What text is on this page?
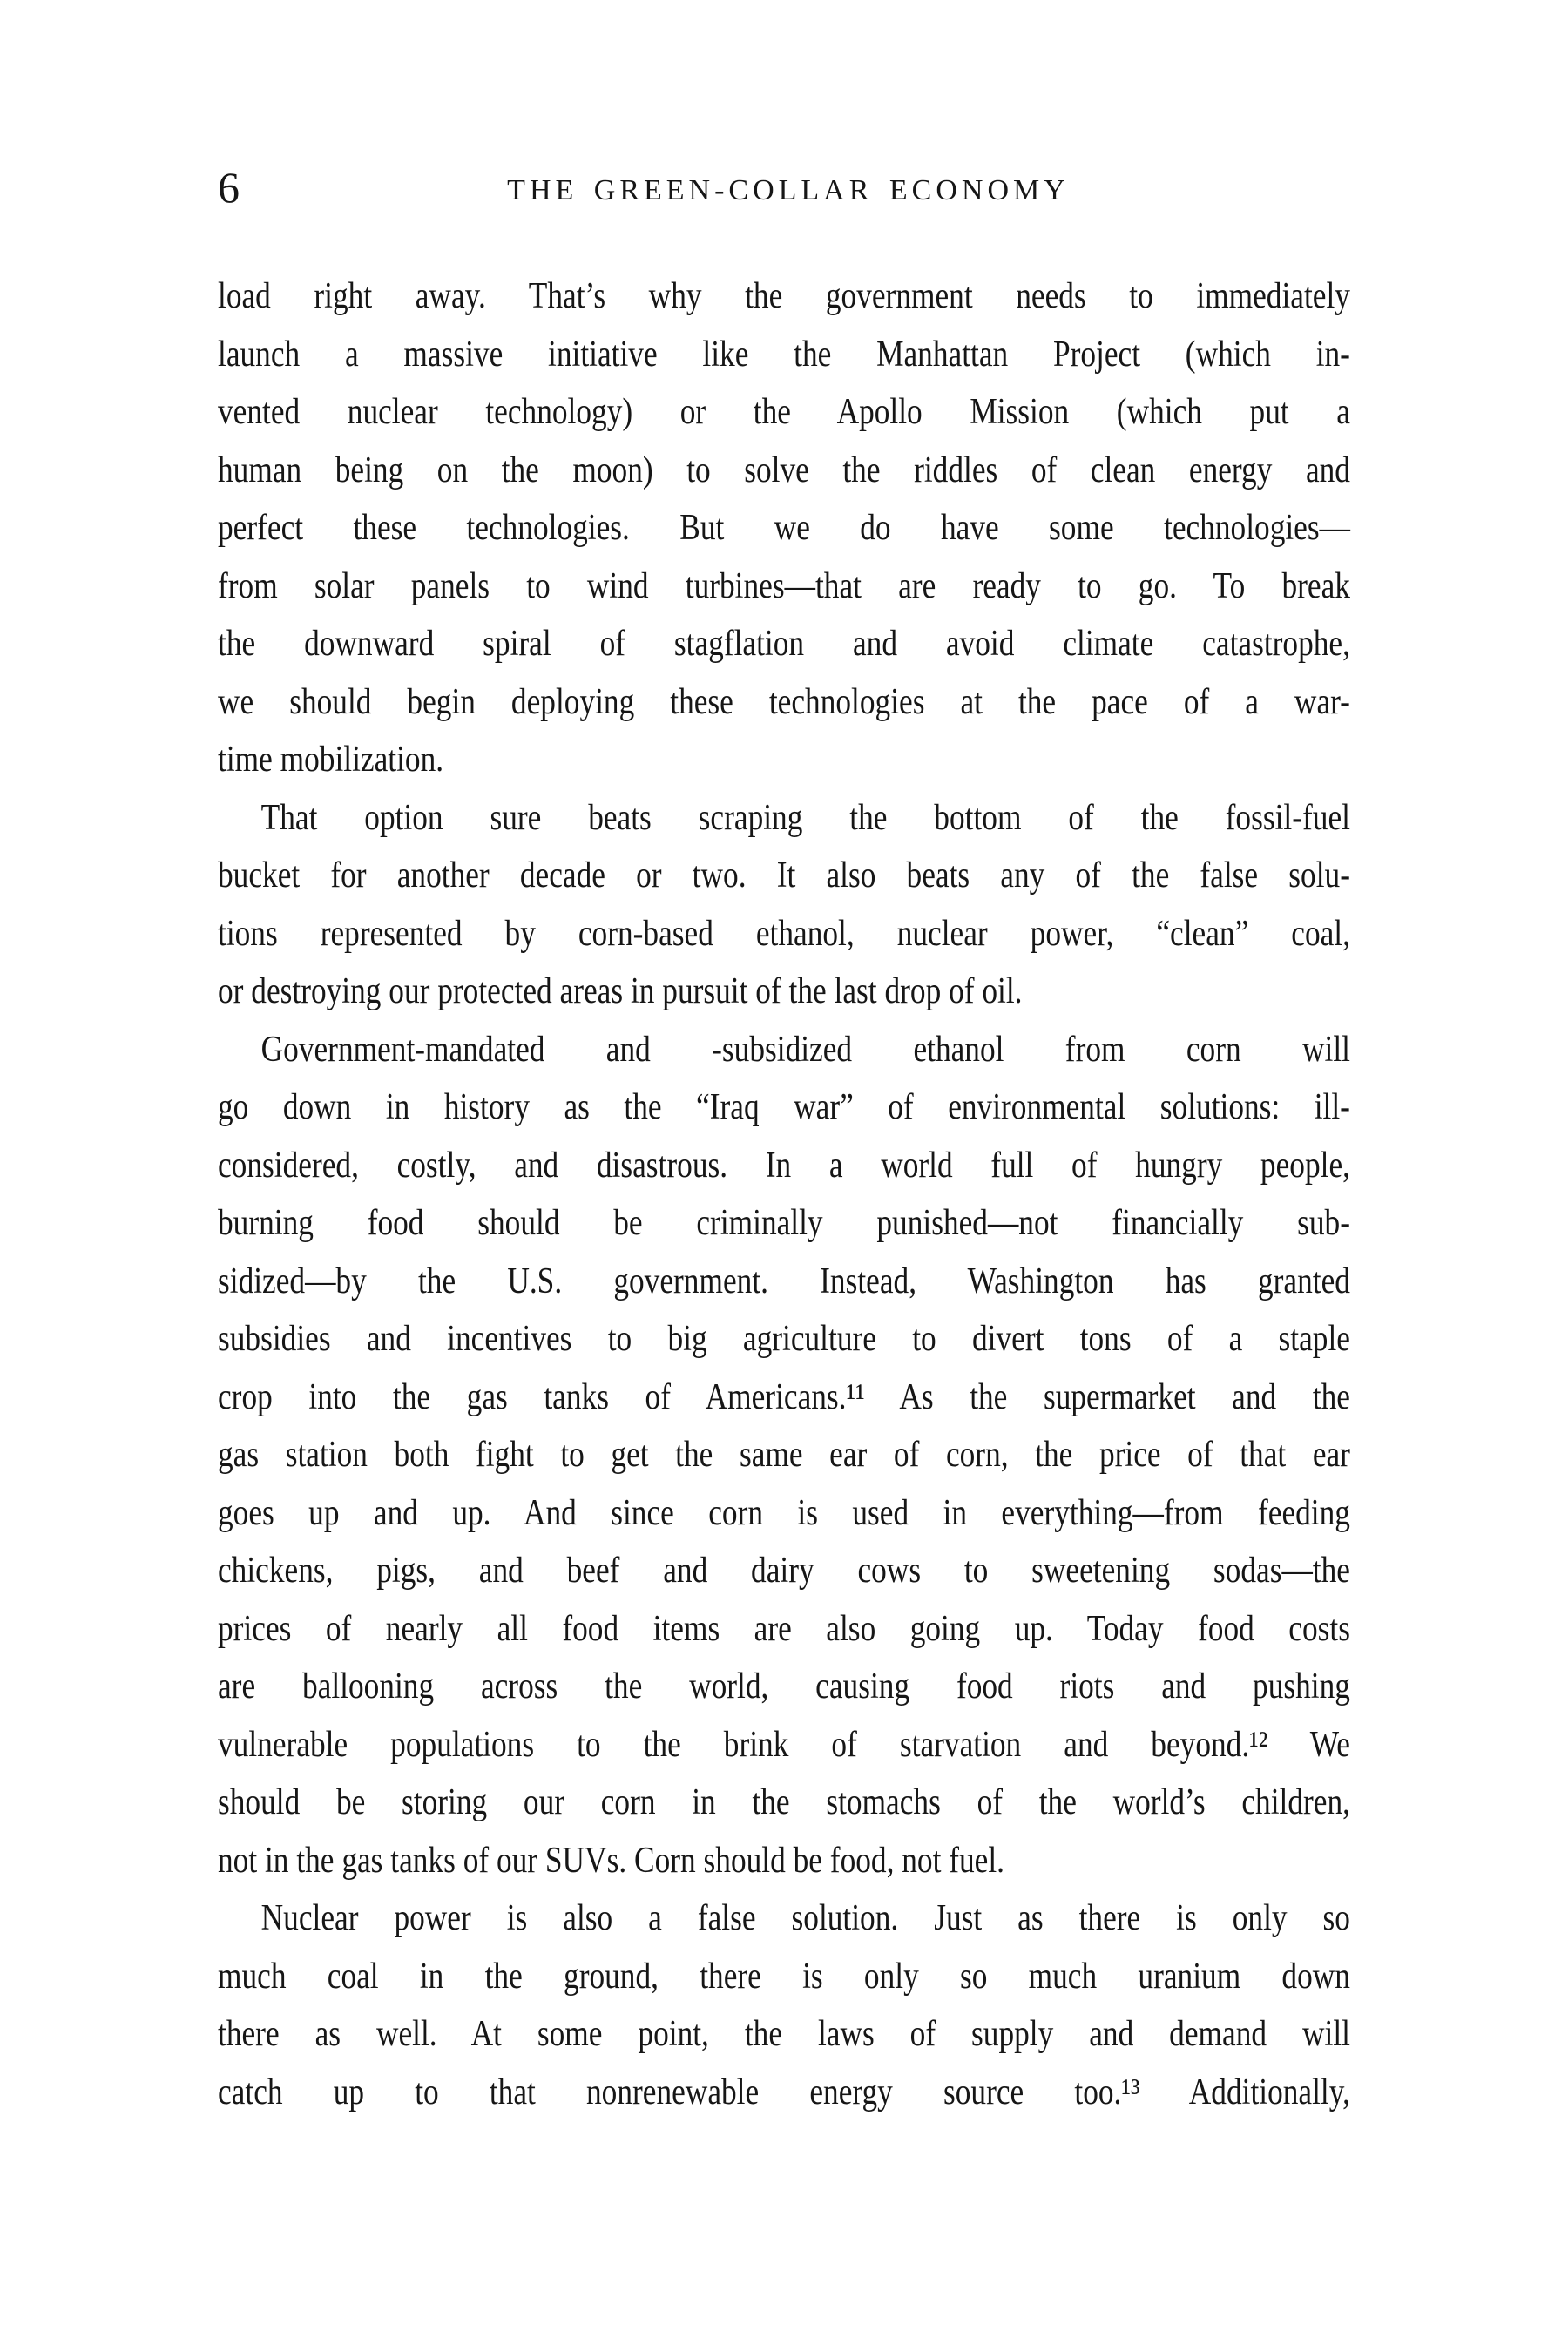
6	THE GREEN-COLLAR ECONOMY
load right away. That’s why the government needs to immediately
launch a massive initiative like the Manhattan Project (which in-
vented nuclear technology) or the Apollo Mission (which put a
human being on the moon) to solve the riddles of clean energy and
perfect these technologies. But we do have some technologies—
from solar panels to wind turbines—that are ready to go. To break
the downward spiral of stagflation and avoid climate catastrophe,
we should begin deploying these technologies at the pace of a war-
time mobilization.
That option sure beats scraping the bottom of the fossil-fuel
bucket for another decade or two. It also beats any of the false solu-
tions represented by corn-based ethanol, nuclear power, “clean” coal,
or destroying our protected areas in pursuit of the last drop of oil.
Government-mandated and -subsidized ethanol from corn will
go down in history as the “Iraq war” of environmental solutions: ill-
considered, costly, and disastrous. In a world full of hungry people,
burning food should be criminally punished—not financially sub-
sidized—by the U.S. government. Instead, Washington has granted
subsidies and incentives to big agriculture to divert tons of a staple
crop into the gas tanks of Americans.¹¹ As the supermarket and the
gas station both fight to get the same ear of corn, the price of that ear
goes up and up. And since corn is used in everything—from feeding
chickens, pigs, and beef and dairy cows to sweetening sodas—the
prices of nearly all food items are also going up. Today food costs
are ballooning across the world, causing food riots and pushing
vulnerable populations to the brink of starvation and beyond.¹² We
should be storing our corn in the stomachs of the world’s children,
not in the gas tanks of our SUVs. Corn should be food, not fuel.
Nuclear power is also a false solution. Just as there is only so
much coal in the ground, there is only so much uranium down
there as well. At some point, the laws of supply and demand will
catch up to that nonrenewable energy source too.¹³ Additionally,
